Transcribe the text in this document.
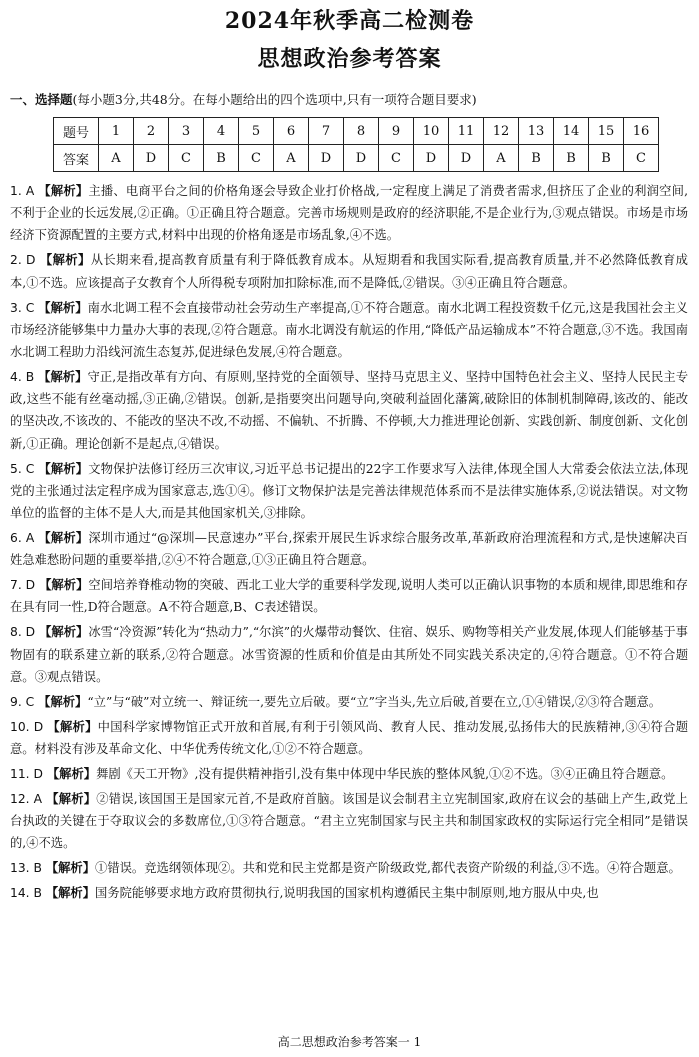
2024年秋季高二检测卷
思想政治参考答案
一、选择题(每小题3分,共48分。在每小题给出的四个选项中,只有一项符合题目要求)
题号	1	2	3	4	5	6	7	8	9	10	11	12	13	14	15	16
答案	A	D	C	B	C	A	D	D	C	D	D	A	B	B	B	C
1. A 【解析】主播、电商平台之间的价格角逐会导致企业打价格战,一定程度上满足了消费者需求,但挤压了企业的利润空间,不利于企业的长远发展,②正确。①正确且符合题意。完善市场规则是政府的经济职能,不是企业行为,③观点错误。市场是市场经济下资源配置的主要方式,材料中出现的价格角逐是市场乱象,④不选。
2. D 【解析】从长期来看,提高教育质量有利于降低教育成本。从短期看和我国实际看,提高教育质量,并不必然降低教育成本,①不选。应该提高子女教育个人所得税专项附加扣除标准,而不是降低,②错误。③④正确且符合题意。
3. C 【解析】南水北调工程不会直接带动社会劳动生产率提高,①不符合题意。南水北调工程投资数千亿元,这是我国社会主义市场经济能够集中力量办大事的表现,②符合题意。南水北调没有航运的作用,“降低产品运输成本”不符合题意,③不选。我国南水北调工程助力沿线河流生态复苏,促进绿色发展,④符合题意。
4. B 【解析】守正,是指改革有方向、有原则,坚持党的全面领导、坚持马克思主义、坚持中国特色社会主义、坚持人民民主专政,这些不能有丝毫动摇,③正确,②错误。创新,是指要突出问题导向,突破利益固化藩篱,破除旧的体制机制障碍,该改的、能改的坚决改,不该改的、不能改的坚决不改,不动摇、不偏轨、不折腾、不停顿,大力推进理论创新、实践创新、制度创新、文化创新,①正确。理论创新不是起点,④错误。
5. C 【解析】文物保护法修订经历三次审议,习近平总书记提出的22字工作要求写入法律,体现全国人大常委会依法立法,体现党的主张通过法定程序成为国家意志,选①④。修订文物保护法是完善法律规范体系而不是法律实施体系,②说法错误。对文物单位的监督的主体不是人大,而是其他国家机关,③排除。
6. A 【解析】深圳市通过“@深圳—民意速办”平台,探索开展民生诉求综合服务改革,革新政府治理流程和方式,是快速解决百姓急难愁盼问题的重要举措,②④不符合题意,①③正确且符合题意。
7. D 【解析】空间培养脊椎动物的突破、西北工业大学的重要科学发现,说明人类可以正确认识事物的本质和规律,即思维和存在具有同一性,D符合题意。A不符合题意,B、C表述错误。
8. D 【解析】冰雪“冷资源”转化为“热动力”,“尔滨”的火爆带动餐饮、住宿、娱乐、购物等相关产业发展,体现人们能够基于事物固有的联系建立新的联系,②符合题意。冰雪资源的性质和价值是由其所处不同实践关系决定的,④符合题意。①不符合题意。③观点错误。
9. C 【解析】“立”与“破”对立统一、辩证统一,要先立后破。要“立”字当头,先立后破,首要在立,①④错误,②③符合题意。
10. D 【解析】中国科学家博物馆正式开放和首展,有利于引领风尚、教育人民、推动发展,弘扬伟大的民族精神,③④符合题意。材料没有涉及革命文化、中华优秀传统文化,①②不符合题意。
11. D 【解析】舞剧《天工开物》,没有提供精神指引,没有集中体现中华民族的整体风貌,①②不选。③④正确且符合题意。
12. A 【解析】②错误,该国国王是国家元首,不是政府首脑。该国是议会制君主立宪制国家,政府在议会的基础上产生,政党上台执政的关键在于夺取议会的多数席位,①③符合题意。“君主立宪制国家与民主共和制国家政权的实际运行完全相同”是错误的,④不选。
13. B 【解析】①错误。竞选纲领体现②。共和党和民主党都是资产阶级政党,都代表资产阶级的利益,③不选。④符合题意。
14. B 【解析】国务院能够要求地方政府贯彻执行,说明我国的国家机构遵循民主集中制原则,地方服从中央,也
高二思想政治参考答案一 1
